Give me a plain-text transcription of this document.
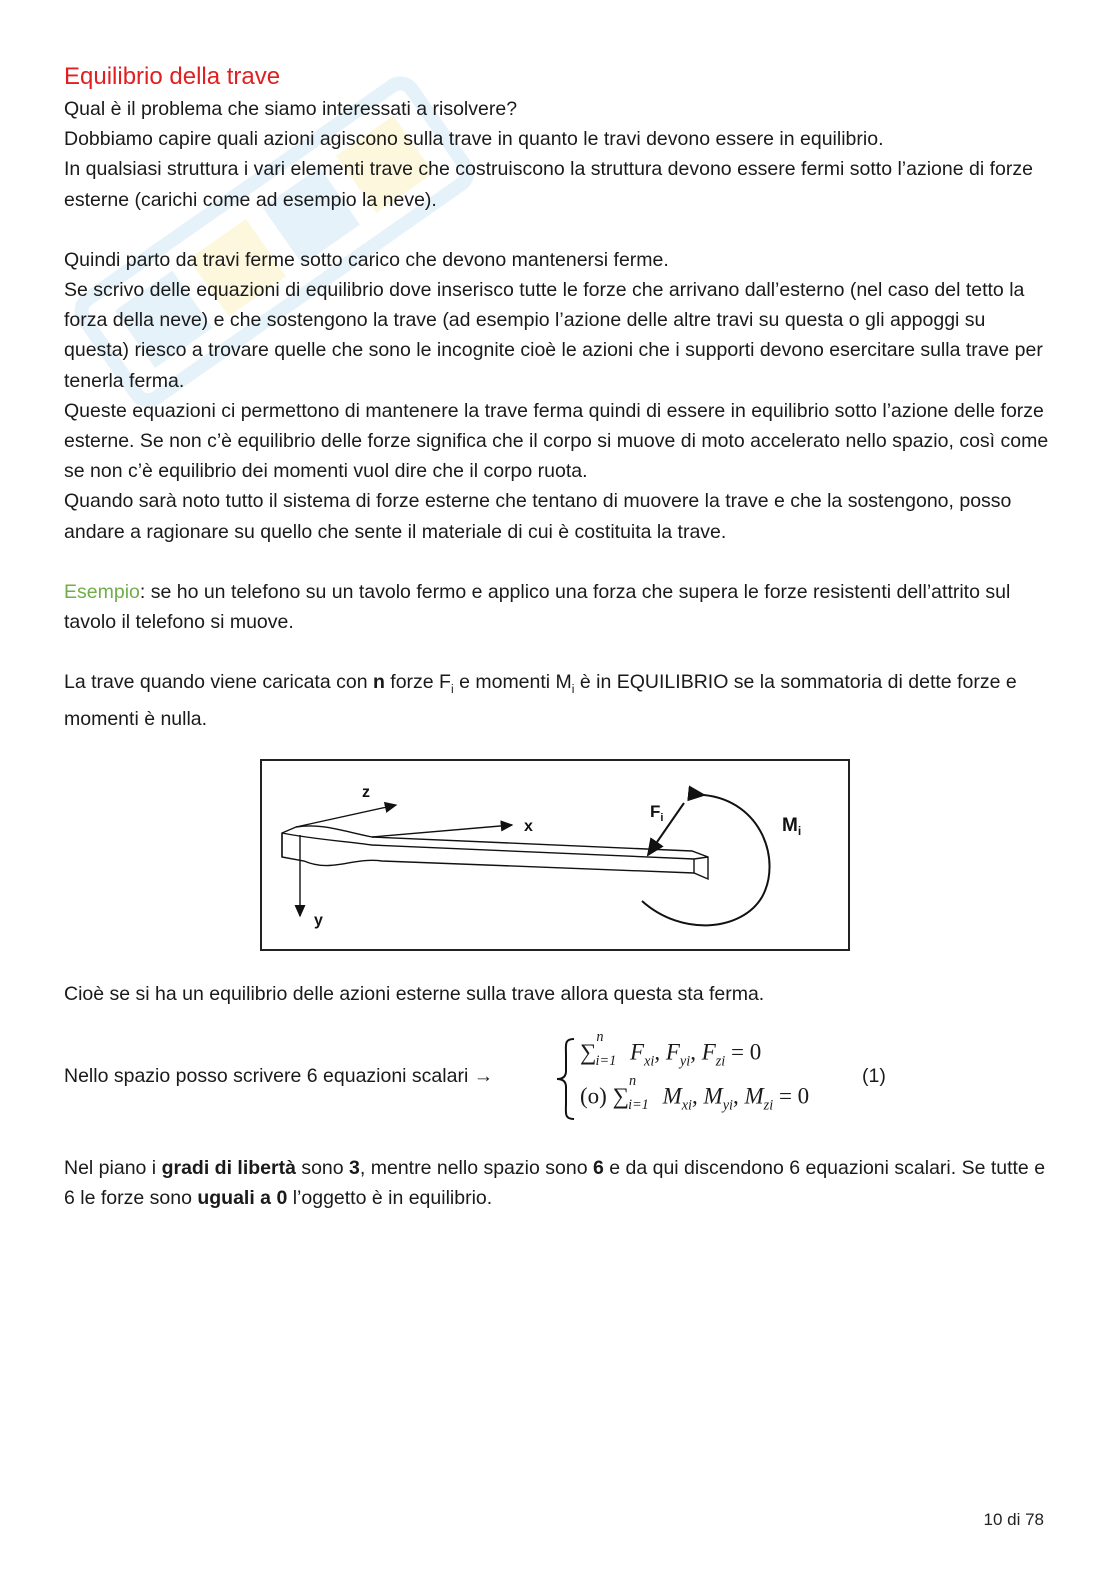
Equilibrio della trave

Qual è il problema che siamo interessati a risolvere?

Dobbiamo capire quali azioni agiscono sulla trave in quanto le travi devono essere in equilibrio.

In qualsiasi struttura i vari elementi trave che costruiscono la struttura devono essere fermi sotto l’azione di forze esterne (carichi come ad esempio la neve).

Quindi parto da travi ferme sotto carico che devono mantenersi ferme.

Se scrivo delle equazioni di equilibrio dove inserisco tutte le forze che arrivano dall’esterno (nel caso del tetto la forza della neve) e che sostengono la trave (ad esempio l’azione delle altre travi su questa o gli appoggi su questa) riesco a trovare quelle che sono le incognite cioè le azioni che i supporti devono esercitare sulla trave per tenerla ferma.

Queste equazioni ci permettono di mantenere la trave ferma quindi di essere in equilibrio sotto l’azione delle forze esterne. Se non c’è equilibrio delle forze significa che il corpo si muove di moto accelerato nello spazio, così come se non c’è equilibrio dei momenti vuol dire che il corpo ruota.

Quando sarà noto tutto il sistema di forze esterne che tentano di muovere la trave e che la sostengono, posso andare a ragionare su quello che sente il materiale di cui è costituita la trave.

Esempio: se ho un telefono su un tavolo fermo e applico una forza che supera le forze resistenti dell’attrito sul tavolo il telefono si muove.

La trave quando viene caricata con n forze $F_i$ e momenti $M_i$ è in EQUILIBRIO se la sommatoria di dette forze e momenti è nulla.

z
x
y
$F_i$	$M_i$

Cioè se si ha un equilibrio delle azioni esterne sulla trave allora questa sta ferma.

Nello spazio posso scrivere 6 equazioni scalari →
∑$^n_{i=1}$ $F_{xi}$, $F_{yi}$, $F_{zi} = 0$
(o) ∑$^n_{i=1}$ $M_{xi}$, $M_{yi}$, $M_{zi} = 0$
(1)

Nel piano i gradi di libertà sono 3, mentre nello spazio sono 6 e da qui discendono 6 equazioni scalari. Se tutte e 6 le forze sono uguali a 0 l’oggetto è in equilibrio.

10 di 78
